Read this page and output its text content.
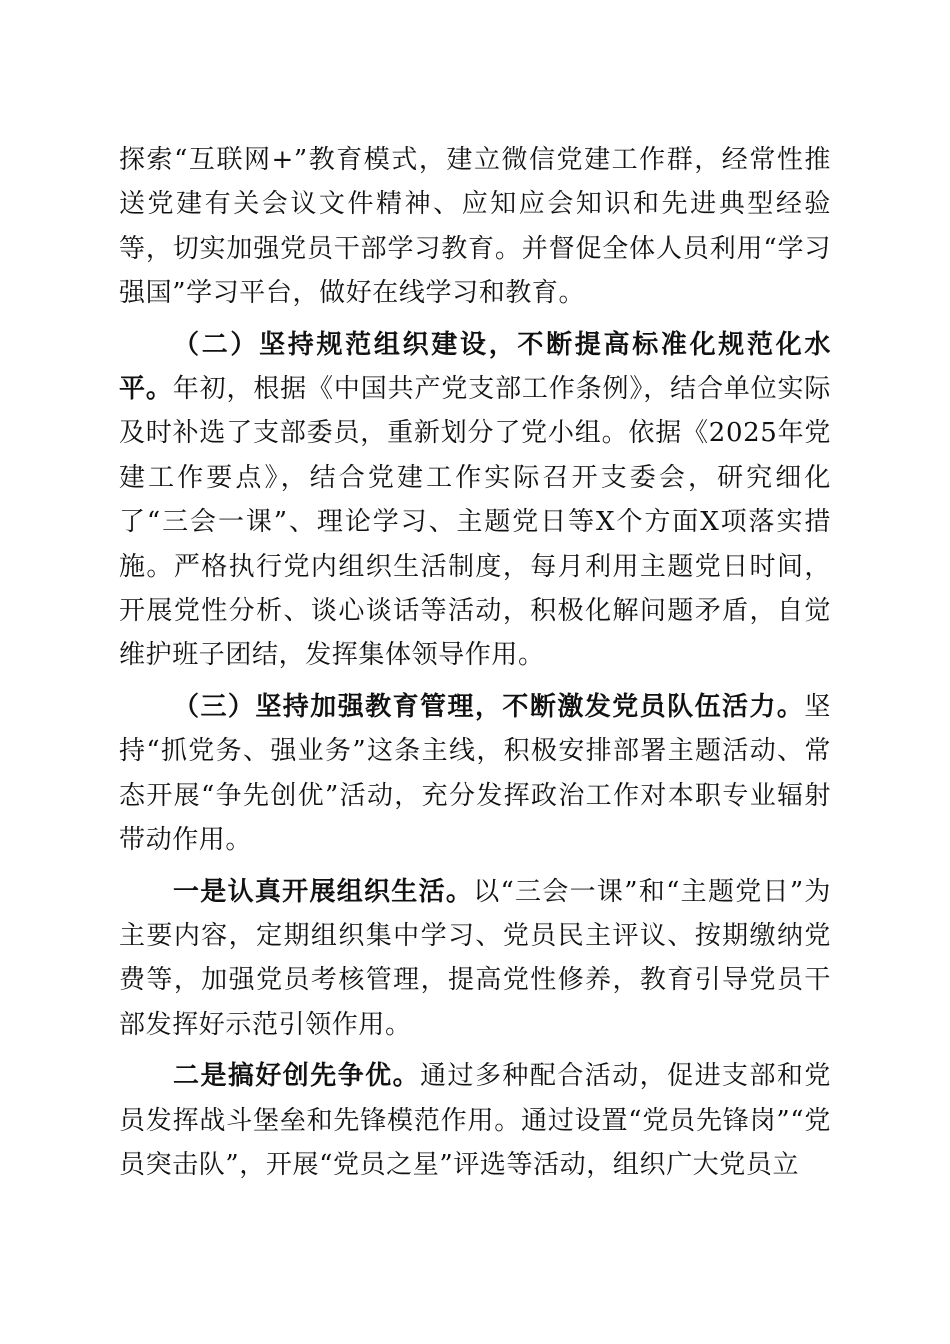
探索“互联网+”教育模式，建立微信党建工作群，经常性推送党建有关会议文件精神、应知应会知识和先进典型经验等，切实加强党员干部学习教育。并督促全体人员利用“学习强国”学习平台，做好在线学习和教育。

（二）坚持规范组织建设，不断提高标准化规范化水平。年初，根据《中国共产党支部工作条例》，结合单位实际及时补选了支部委员，重新划分了党小组。依据《2025年党建工作要点》，结合党建工作实际召开支委会，研究细化了“三会一课”、理论学习、主题党日等X个方面X项落实措施。严格执行党内组织生活制度，每月利用主题党日时间，开展党性分析、谈心谈话等活动，积极化解问题矛盾，自觉维护班子团结，发挥集体领导作用。

（三）坚持加强教育管理，不断激发党员队伍活力。坚持“抓党务、强业务”这条主线，积极安排部署主题活动、常态开展“争先创优”活动，充分发挥政治工作对本职专业辐射带动作用。

一是认真开展组织生活。以“三会一课”和“主题党日”为主要内容，定期组织集中学习、党员民主评议、按期缴纳党费等，加强党员考核管理，提高党性修养，教育引导党员干部发挥好示范引领作用。

二是搞好创先争优。通过多种配合活动，促进支部和党员发挥战斗堡垒和先锋模范作用。通过设置“党员先锋岗”“党员突击队”，开展“党员之星”评选等活动，组织广大党员立
